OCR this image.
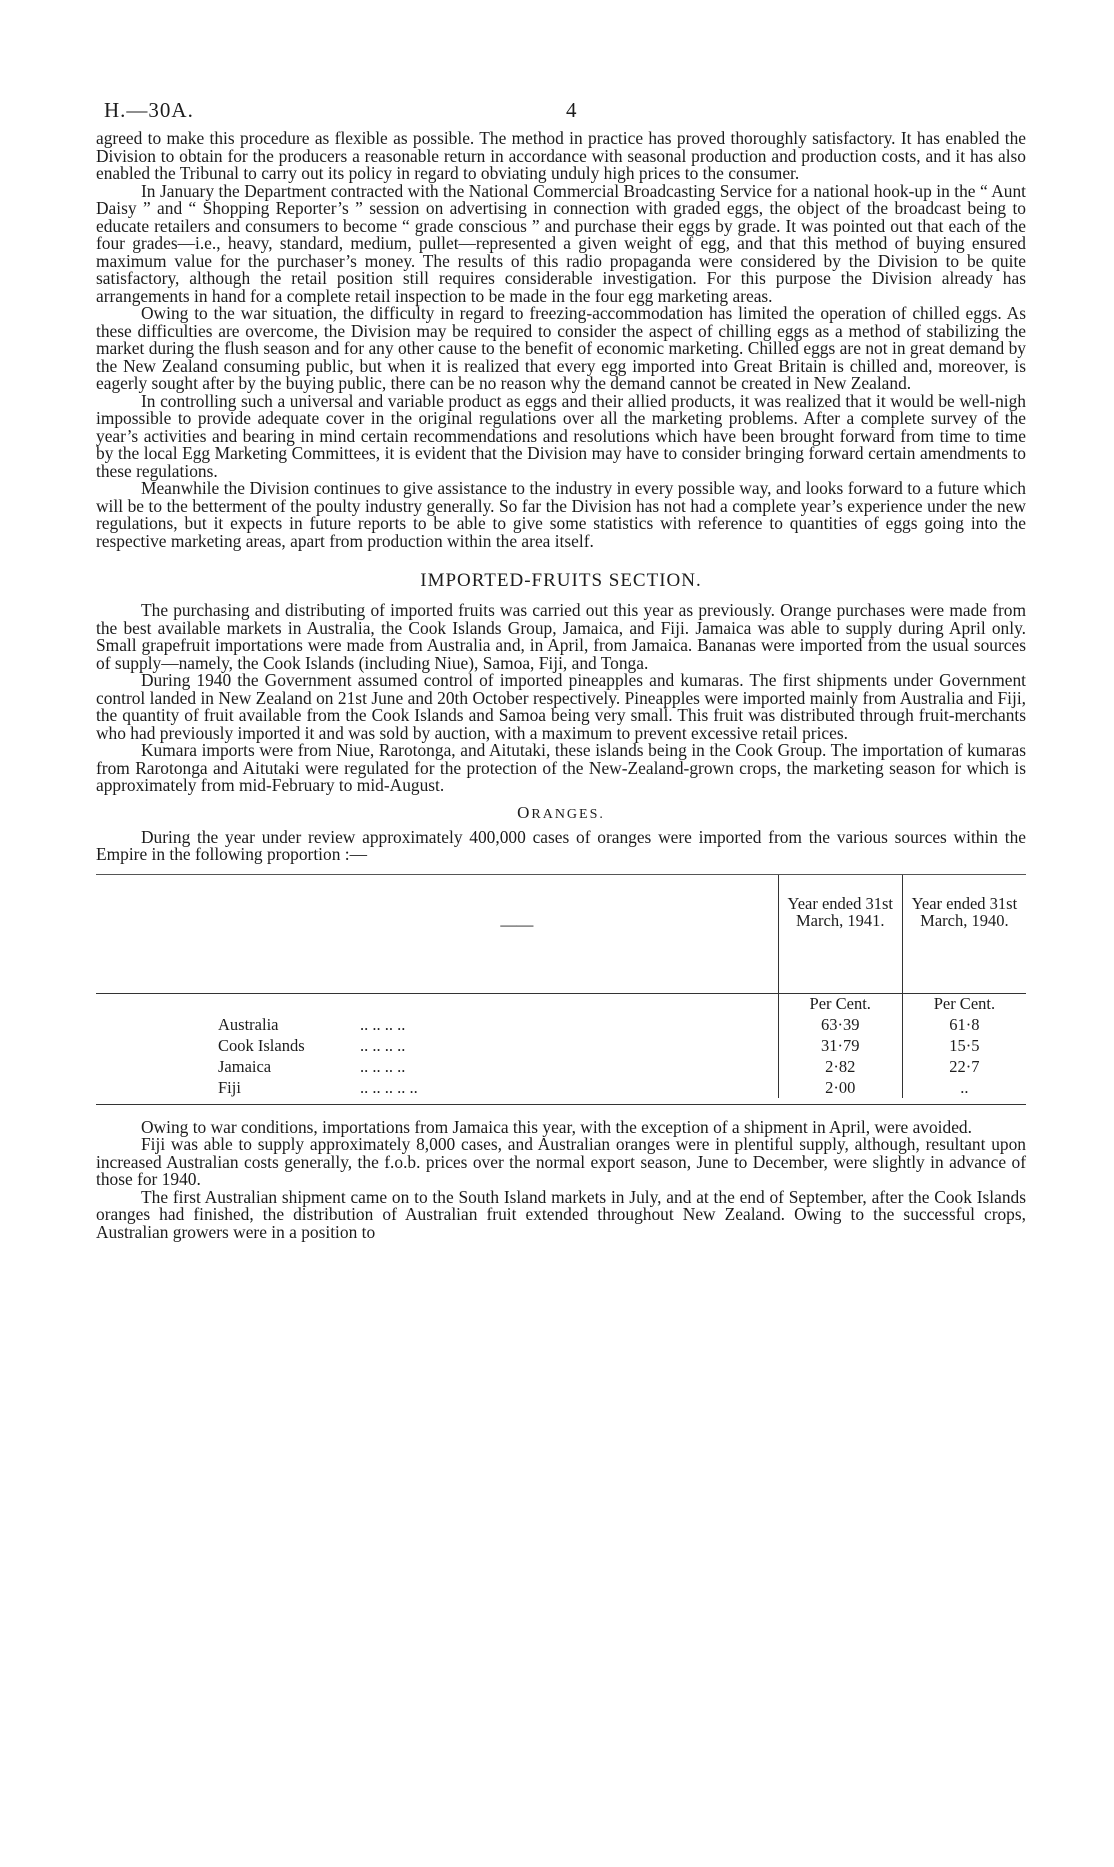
H.—30A.	4

agreed to make this procedure as flexible as possible. The method in practice has proved thoroughly satisfactory. It has enabled the Division to obtain for the producers a reasonable return in accordance with seasonal production and production costs, and it has also enabled the Tribunal to carry out its policy in regard to obviating unduly high prices to the consumer.

In January the Department contracted with the National Commercial Broadcasting Service for a national hook-up in the “ Aunt Daisy ” and “ Shopping Reporter’s ” session on advertising in connection with graded eggs, the object of the broadcast being to educate retailers and consumers to become “ grade conscious ” and purchase their eggs by grade. It was pointed out that each of the four grades—i.e., heavy, standard, medium, pullet—represented a given weight of egg, and that this method of buying ensured maximum value for the purchaser’s money. The results of this radio propaganda were considered by the Division to be quite satisfactory, although the retail position still requires considerable investigation. For this purpose the Division already has arrangements in hand for a complete retail inspection to be made in the four egg marketing areas.

Owing to the war situation, the difficulty in regard to freezing-accommodation has limited the operation of chilled eggs. As these difficulties are overcome, the Division may be required to consider the aspect of chilling eggs as a method of stabilizing the market during the flush season and for any other cause to the benefit of economic marketing. Chilled eggs are not in great demand by the New Zealand consuming public, but when it is realized that every egg imported into Great Britain is chilled and, moreover, is eagerly sought after by the buying public, there can be no reason why the demand cannot be created in New Zealand.

In controlling such a universal and variable product as eggs and their allied products, it was realized that it would be well-nigh impossible to provide adequate cover in the original regulations over all the marketing problems. After a complete survey of the year’s activities and bearing in mind certain recommendations and resolutions which have been brought forward from time to time by the local Egg Marketing Committees, it is evident that the Division may have to consider bringing forward certain amendments to these regulations.

Meanwhile the Division continues to give assistance to the industry in every possible way, and looks forward to a future which will be to the betterment of the poulty industry generally. So far the Division has not had a complete year’s experience under the new regulations, but it expects in future reports to be able to give some statistics with reference to quantities of eggs going into the respective marketing areas, apart from production within the area itself.

IMPORTED-FRUITS SECTION.

The purchasing and distributing of imported fruits was carried out this year as previously. Orange purchases were made from the best available markets in Australia, the Cook Islands Group, Jamaica, and Fiji. Jamaica was able to supply during April only. Small grapefruit importations were made from Australia and, in April, from Jamaica. Bananas were imported from the usual sources of supply—namely, the Cook Islands (including Niue), Samoa, Fiji, and Tonga.

During 1940 the Government assumed control of imported pineapples and kumaras. The first shipments under Government control landed in New Zealand on 21st June and 20th October respectively. Pineapples were imported mainly from Australia and Fiji, the quantity of fruit available from the Cook Islands and Samoa being very small. This fruit was distributed through fruit-merchants who had previously imported it and was sold by auction, with a maximum to prevent excessive retail prices.

Kumara imports were from Niue, Rarotonga, and Aitutaki, these islands being in the Cook Group. The importation of kumaras from Rarotonga and Aitutaki were regulated for the protection of the New-Zealand-grown crops, the marketing season for which is approximately from mid-February to mid-August.

ORANGES.

During the year under review approximately 400,000 cases of oranges were imported from the various sources within the Empire in the following proportion :—

——	Year ended 31st March, 1941.	Year ended 31st March, 1940.	

	Per Cent.	Per Cent.	
Australia .. .. .. ..	63·39	61·8	
Cook Islands .. .. .. ..	31·79	15·5	
Jamaica .. .. .. ..	2·82	22·7	
Fiji .. .. .. .. ..	2·00	..	

Owing to war conditions, importations from Jamaica this year, with the exception of a shipment in April, were avoided.

Fiji was able to supply approximately 8,000 cases, and Australian oranges were in plentiful supply, although, resultant upon increased Australian costs generally, the f.o.b. prices over the normal export season, June to December, were slightly in advance of those for 1940.

The first Australian shipment came on to the South Island markets in July, and at the end of September, after the Cook Islands oranges had finished, the distribution of Australian fruit extended throughout New Zealand. Owing to the successful crops, Australian growers were in a position to
